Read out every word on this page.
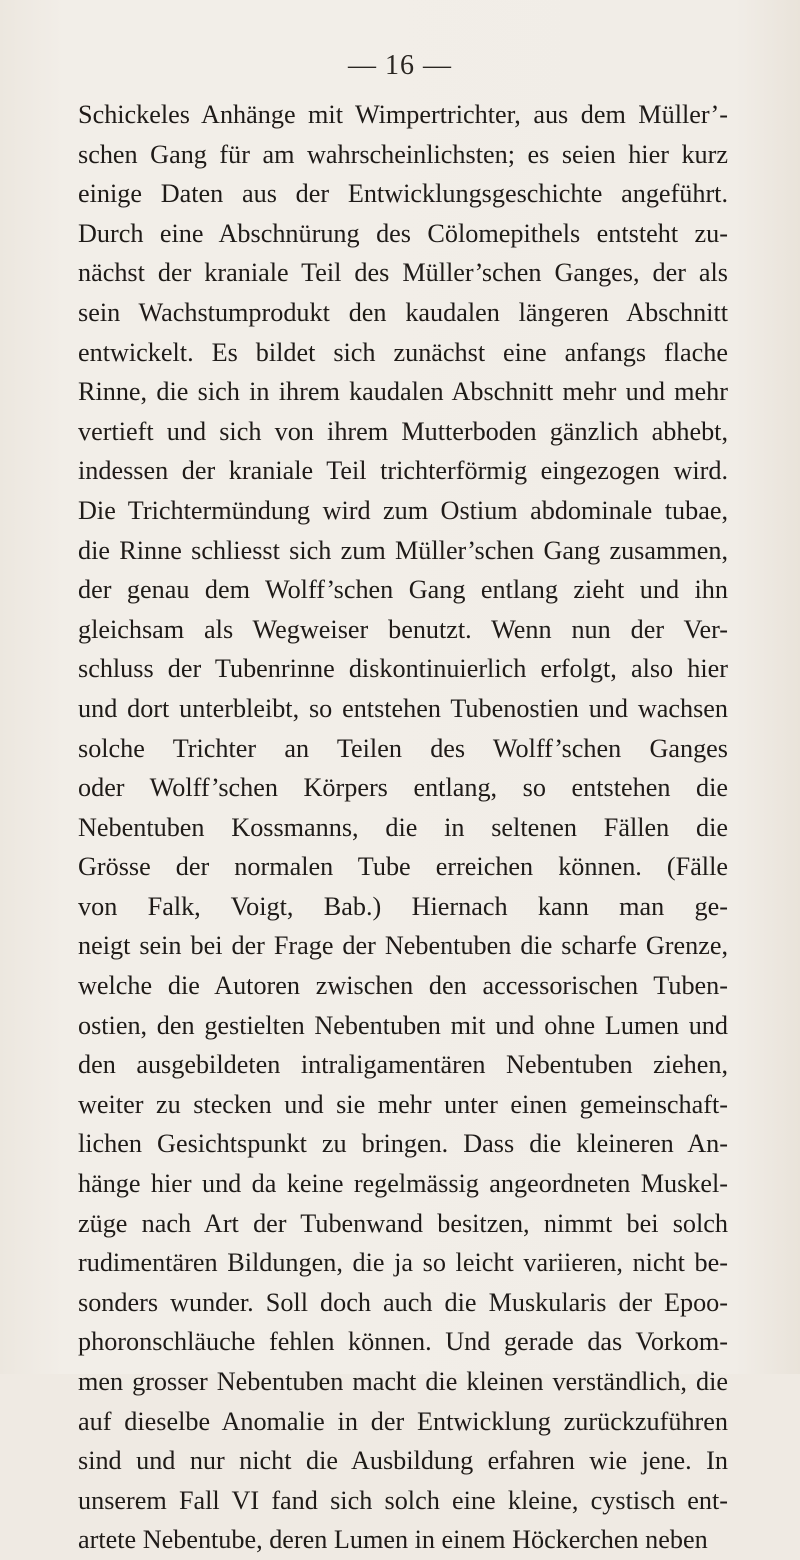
— 16 —
Schickeles Anhänge mit Wimpertrichter, aus dem Müller’-
schen Gang für am wahrscheinlichsten; es seien hier kurz
einige Daten aus der Entwicklungsgeschichte angeführt.
Durch eine Abschnürung des Cölomepithels entsteht zu-
nächst der kraniale Teil des Müller’schen Ganges, der als
sein Wachstumprodukt den kaudalen längeren Abschnitt
entwickelt. Es bildet sich zunächst eine anfangs flache
Rinne, die sich in ihrem kaudalen Abschnitt mehr und mehr
vertieft und sich von ihrem Mutterboden gänzlich abhebt,
indessen der kraniale Teil trichterförmig eingezogen wird.
Die Trichtermündung wird zum Ostium abdominale tubae,
die Rinne schliesst sich zum Müller’schen Gang zusammen,
der genau dem Wolff’schen Gang entlang zieht und ihn
gleichsam als Wegweiser benutzt. Wenn nun der Ver-
schluss der Tubenrinne diskontinuierlich erfolgt, also hier
und dort unterbleibt, so entstehen Tubenostien und wachsen
solche Trichter an Teilen des Wolff’schen Ganges
oder Wolff’schen Körpers entlang, so entstehen die
Nebentuben Kossmanns, die in seltenen Fällen die
Grösse der normalen Tube erreichen können. (Fälle
von Falk, Voigt, Bab.) Hiernach kann man ge-
neigt sein bei der Frage der Nebentuben die scharfe Grenze,
welche die Autoren zwischen den accessorischen Tuben-
ostien, den gestielten Nebentuben mit und ohne Lumen und
den ausgebildeten intraligamentären Nebentuben ziehen,
weiter zu stecken und sie mehr unter einen gemeinschaft-
lichen Gesichtspunkt zu bringen. Dass die kleineren An-
hänge hier und da keine regelmässig angeordneten Muskel-
züge nach Art der Tubenwand besitzen, nimmt bei solch
rudimentären Bildungen, die ja so leicht variieren, nicht be-
sonders wunder. Soll doch auch die Muskularis der Epoo-
phoronschläuche fehlen können. Und gerade das Vorkom-
men grosser Nebentuben macht die kleinen verständlich, die
auf dieselbe Anomalie in der Entwicklung zurückzuführen
sind und nur nicht die Ausbildung erfahren wie jene. In
unserem Fall VI fand sich solch eine kleine, cystisch ent-
artete Nebentube, deren Lumen in einem Höckerchen neben
